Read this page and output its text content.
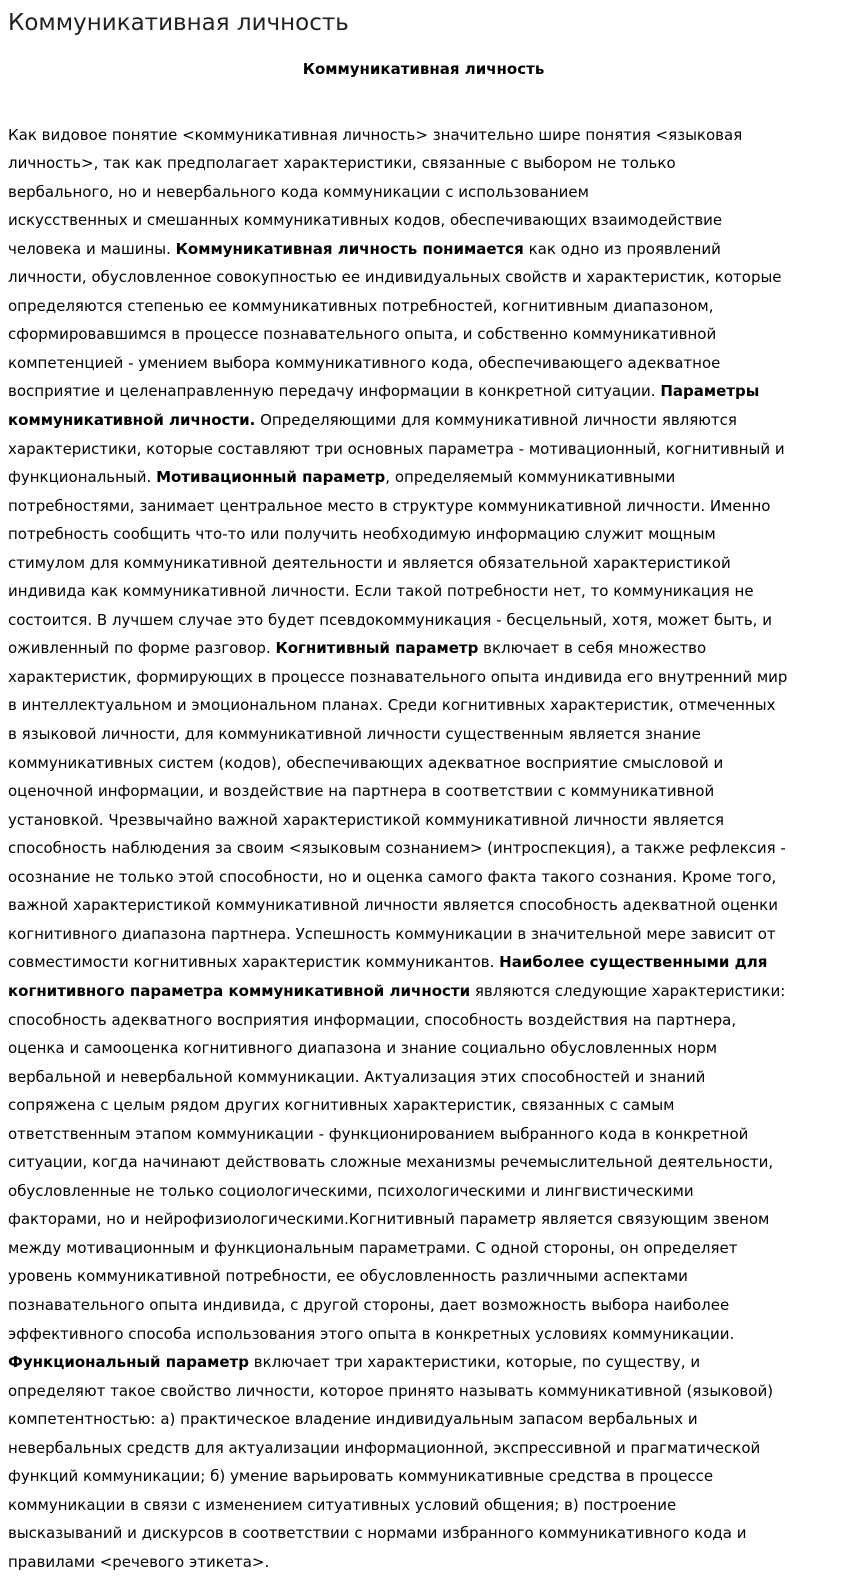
Коммуникативная личность
Коммуникативная личность

Как видовое понятие <коммуникативная личность> значительно шире понятия <языковая
личность>, так как предполагает характеристики, связанные с выбором не только
вербального, но и невербального кода коммуникации с использованием
искусственных и смешанных коммуникативных кодов, обеспечивающих взаимодействие
человека и машины. Коммуникативная личность понимается как одно из проявлений
личности, обусловленное совокупностью ее индивидуальных свойств и характеристик, которые
определяются степенью ее коммуникативных потребностей, когнитивным диапазоном,
сформировавшимся в процессе познавательного опыта, и собственно коммуникативной
компетенцией - умением выбора коммуникативного кода, обеспечивающего адекватное
восприятие и целенаправленную передачу информации в конкретной ситуации. Параметры
коммуникативной личности. Определяющими для коммуникативной личности являются
характеристики, которые составляют три основных параметра - мотивационный, когнитивный и
функциональный. Мотивационный параметр, определяемый коммуникативными
потребностями, занимает центральное место в структуре коммуникативной личности. Именно
потребность сообщить что-то или получить необходимую информацию служит мощным
стимулом для коммуникативной деятельности и является обязательной характеристикой
индивида как коммуникативной личности. Если такой потребности нет, то коммуникация не
состоится. В лучшем случае это будет псевдокоммуникация - бесцельный, хотя, может быть, и
оживленный по форме разговор. Когнитивный параметр включает в себя множество
характеристик, формирующих в процессе познавательного опыта индивида его внутренний мир
в интеллектуальном и эмоциональном планах. Среди когнитивных характеристик, отмеченных
в языковой личности, для коммуникативной личности существенным является знание
коммуникативных систем (кодов), обеспечивающих адекватное восприятие смысловой и
оценочной информации, и воздействие на партнера в соответствии с коммуникативной
установкой. Чрезвычайно важной характеристикой коммуникативной личности является
способность наблюдения за своим <языковым сознанием> (интроспекция), а также рефлексия -
осознание не только этой способности, но и оценка самого факта такого сознания. Кроме того,
важной характеристикой коммуникативной личности является способность адекватной оценки
когнитивного диапазона партнера. Успешность коммуникации в значительной мере зависит от
совместимости когнитивных характеристик коммуникантов. Наиболее существенными для
когнитивного параметра коммуникативной личности являются следующие характеристики:
способность адекватного восприятия информации, способность воздействия на партнера,
оценка и самооценка когнитивного диапазона и знание социально обусловленных норм
вербальной и невербальной коммуникации. Актуализация этих способностей и знаний
сопряжена с целым рядом других когнитивных характеристик, связанных с самым
ответственным этапом коммуникации - функционированием выбранного кода в конкретной
ситуации, когда начинают действовать сложные механизмы речемыслительной деятельности,
обусловленные не только социологическими, психологическими и лингвистическими
факторами, но и нейрофизиологическими.Когнитивный параметр является связующим звеном
между мотивационным и функциональным параметрами. С одной стороны, он определяет
уровень коммуникативной потребности, ее обусловленность различными аспектами
познавательного опыта индивида, с другой стороны, дает возможность выбора наиболее
эффективного способа использования этого опыта в конкретных условиях коммуникации.
Функциональный параметр включает три характеристики, которые, по существу, и
определяют такое свойство личности, которое принято называть коммуникативной (языковой)
компетентностью: а) практическое владение индивидуальным запасом вербальных и
невербальных средств для актуализации информационной, экспрессивной и прагматической
функций коммуникации; б) умение варьировать коммуникативные средства в процессе
коммуникации в связи с изменением ситуативных условий общения; в) построение
высказываний и дискурсов в соответствии с нормами избранного коммуникативного кода и
правилами <речевого этикета>.
